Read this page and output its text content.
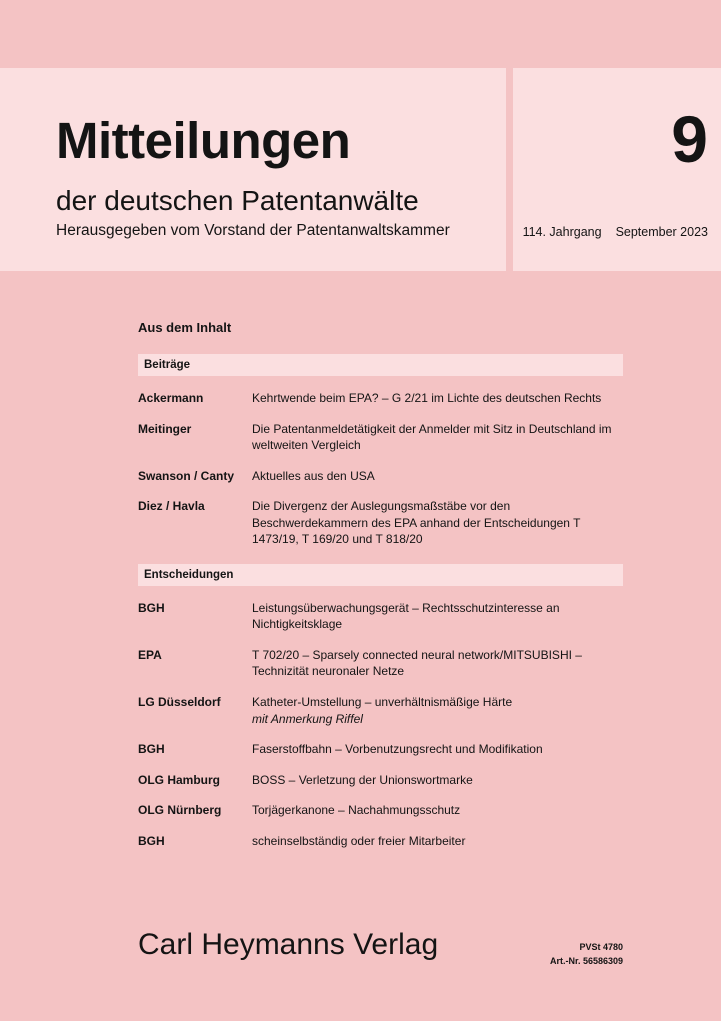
Mitteilungen
der deutschen Patentanwälte
Herausgegeben vom Vorstand der Patentanwaltskammer
9
114. Jahrgang September 2023
Aus dem Inhalt
Beiträge
Ackermann	Kehrtwende beim EPA? – G 2/21 im Lichte des deutschen Rechts
Meitinger	Die Patentanmeldetätigkeit der Anmelder mit Sitz in Deutschland im weltweiten Vergleich
Swanson / Canty	Aktuelles aus den USA
Diez / Havla	Die Divergenz der Auslegungsmaßstäbe vor den Beschwerdekammern des EPA anhand der Entscheidungen T 1473/19, T 169/20 und T 818/20
Entscheidungen
BGH	Leistungsüberwachungsgerät – Rechtsschutzinteresse an Nichtigkeitsklage
EPA	T 702/20 – Sparsely connected neural network/MITSUBISHI – Technizität neuronaler Netze
LG Düsseldorf	Katheter-Umstellung – unverhältnismäßige Härte
mit Anmerkung Riffel
BGH	Faserstoffbahn – Vorbenutzungsrecht und Modifikation
OLG Hamburg	BOSS – Verletzung der Unionswortmarke
OLG Nürnberg	Torjägerkanone – Nachahmungsschutz
BGH	scheinselbständig oder freier Mitarbeiter
Carl Heymanns Verlag	PVSt 4780
Art.-Nr. 56586309
